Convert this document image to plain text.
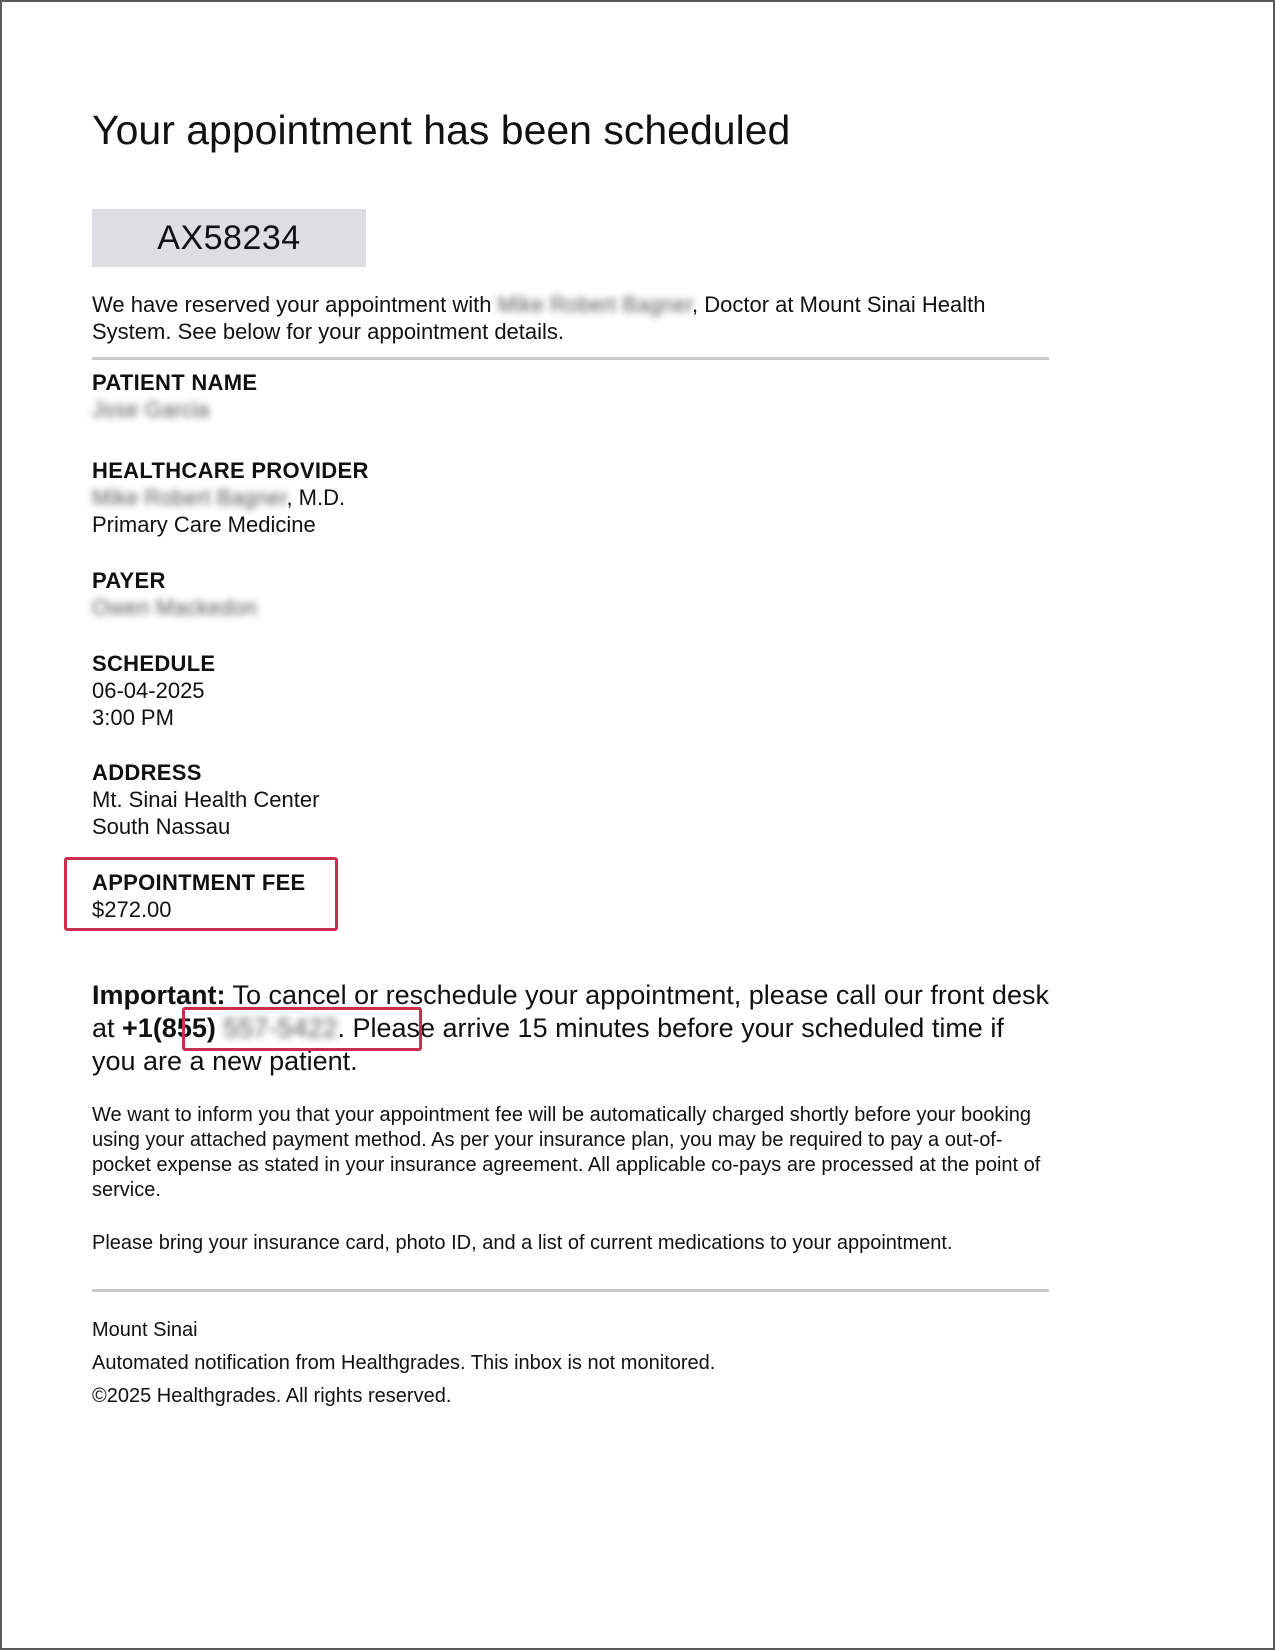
Your appointment has been scheduled
AX58234

We have reserved your appointment with Mike Robert Bagner, Doctor at Mount Sinai Health System. See below for your appointment details.

PATIENT NAME

Jose Garcia

HEALTHCARE PROVIDER

Mike Robert Bagner, M.D.

Primary Care Medicine

PAYER

Owen Mackedon

SCHEDULE

06-04-2025

3:00 PM

ADDRESS

Mt. Sinai Health Center

South Nassau

APPOINTMENT FEE

$272.00

Important: To cancel or reschedule your appointment, please call our front desk at +1(855) 557-5422. Please arrive 15 minutes before your scheduled time if you are a new patient.

We want to inform you that your appointment fee will be automatically charged shortly before your booking using your attached payment method. As per your insurance plan, you may be required to pay a out-of-pocket expense as stated in your insurance agreement. All applicable co-pays are processed at the point of service.

Please bring your insurance card, photo ID, and a list of current medications to your appointment.

Mount Sinai

Automated notification from Healthgrades. This inbox is not monitored.

©2025 Healthgrades. All rights reserved.
